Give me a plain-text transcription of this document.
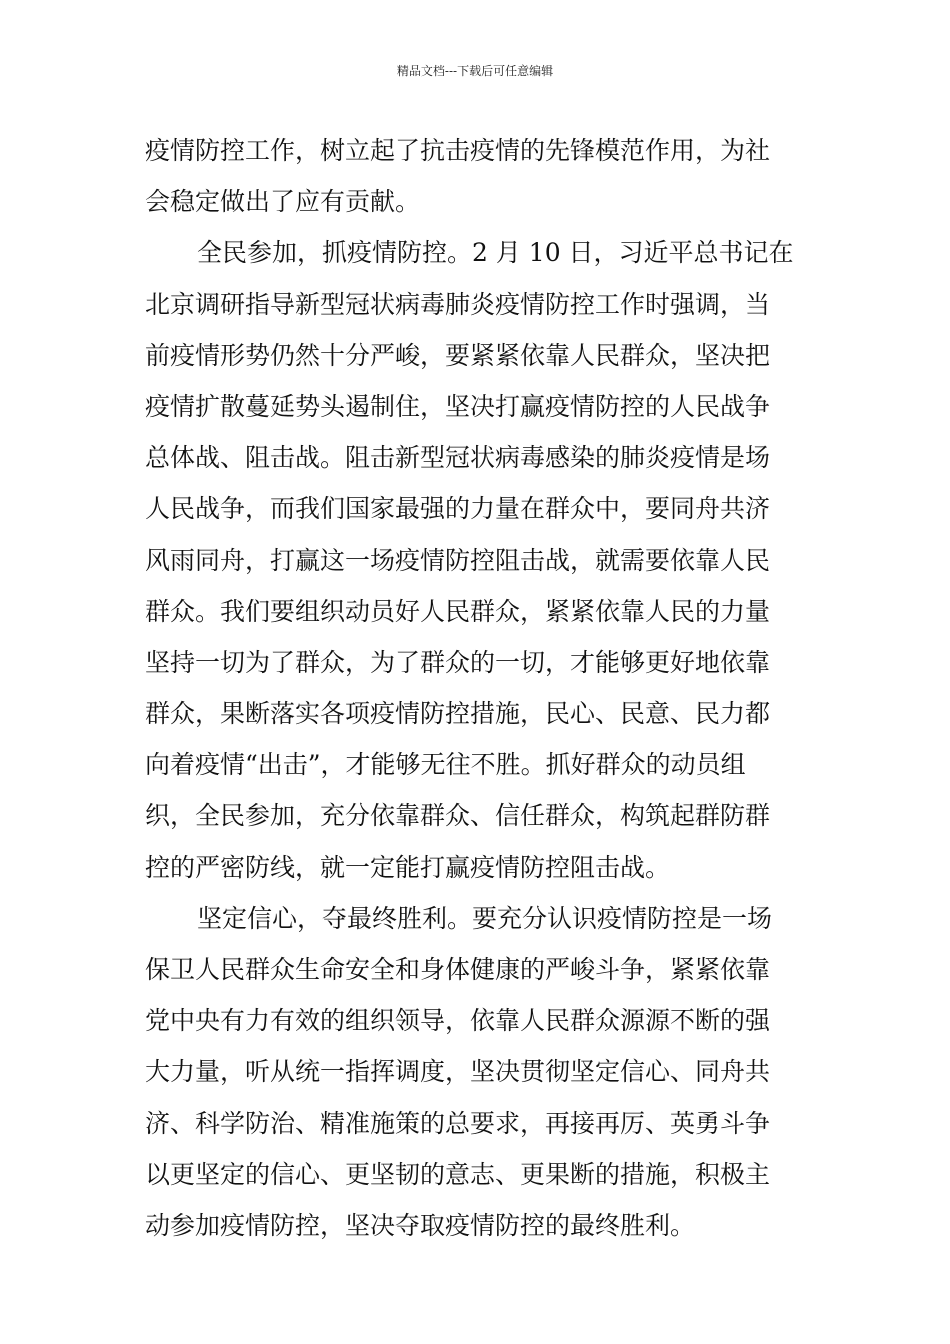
精品文档---下载后可任意编辑
疫情防控工作，树立起了抗击疫情的先锋模范作用，为社
会稳定做出了应有贡献。
全民参加，抓疫情防控。2 月 10 日，习近平总书记在
北京调研指导新型冠状病毒肺炎疫情防控工作时强调，当
前疫情形势仍然十分严峻，要紧紧依靠人民群众，坚决把
疫情扩散蔓延势头遏制住，坚决打赢疫情防控的人民战争
总体战、阻击战。阻击新型冠状病毒感染的肺炎疫情是场
人民战争，而我们国家最强的力量在群众中，要同舟共济
风雨同舟，打赢这一场疫情防控阻击战，就需要依靠人民
群众。我们要组织动员好人民群众，紧紧依靠人民的力量
坚持一切为了群众，为了群众的一切，才能够更好地依靠
群众，果断落实各项疫情防控措施，民心、民意、民力都
向着疫情“出击”，才能够无往不胜。抓好群众的动员组
织，全民参加，充分依靠群众、信任群众，构筑起群防群
控的严密防线，就一定能打赢疫情防控阻击战。
坚定信心，夺最终胜利。要充分认识疫情防控是一场
保卫人民群众生命安全和身体健康的严峻斗争，紧紧依靠
党中央有力有效的组织领导，依靠人民群众源源不断的强
大力量，听从统一指挥调度，坚决贯彻坚定信心、同舟共
济、科学防治、精准施策的总要求，再接再厉、英勇斗争
以更坚定的信心、更坚韧的意志、更果断的措施，积极主
动参加疫情防控，坚决夺取疫情防控的最终胜利。
